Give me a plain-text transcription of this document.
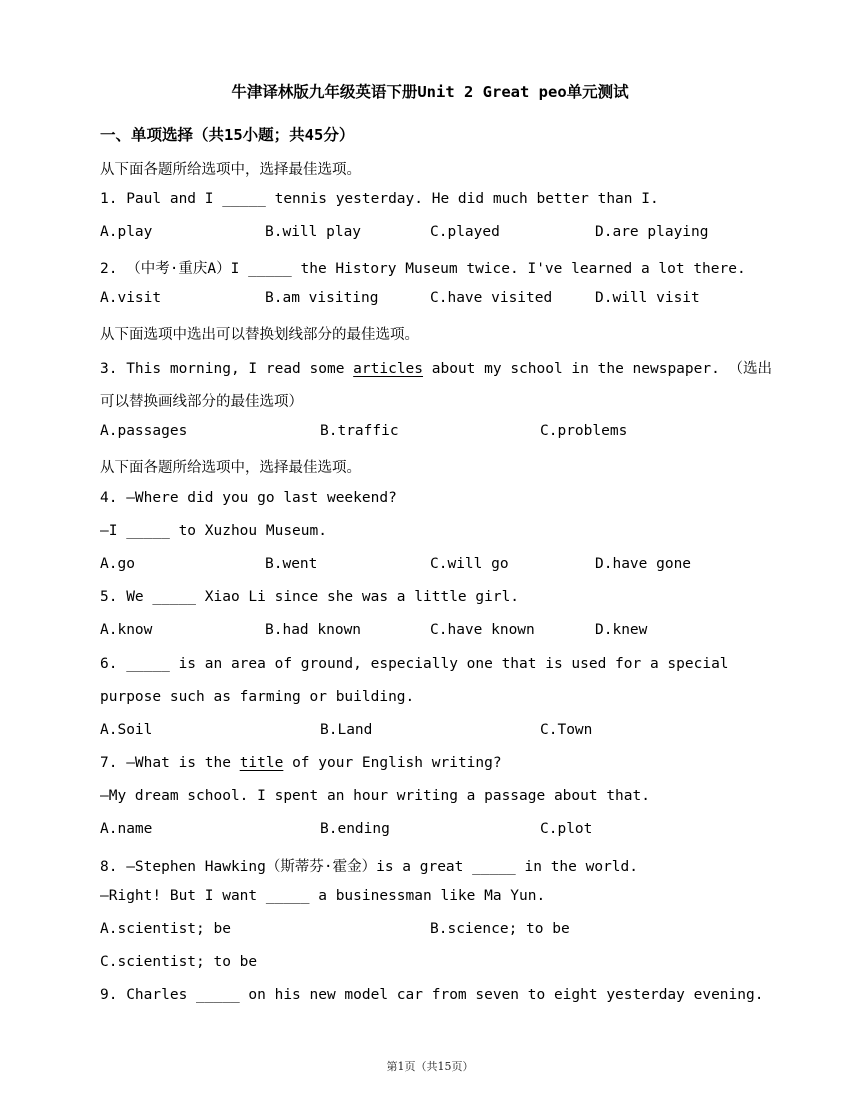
牛津译林版九年级英语下册Unit 2 Great peo单元测试
一、单项选择（共15小题；共45分）
从下面各题所给选项中，选择最佳选项。
1. Paul and I _____ tennis yesterday. He did much better than I.
A.play	B.will play	C.played	D.are playing
2. （中考·重庆A）I _____ the History Museum twice. I've learned a lot there.
A.visit	B.am visiting	C.have visited	D.will visit
从下面选项中选出可以替换划线部分的最佳选项。
3. This morning, I read some articles about my school in the newspaper. （选出
可以替换画线部分的最佳选项）
A.passages	B.traffic	C.problems
从下面各题所给选项中，选择最佳选项。
4. —Where did you go last weekend?
—I _____ to Xuzhou Museum.
A.go	B.went	C.will go	D.have gone
5. We _____ Xiao Li since she was a little girl.
A.know	B.had known	C.have known	D.knew
6. _____ is an area of ground, especially one that is used for a special
purpose such as farming or building.
A.Soil	B.Land	C.Town
7. —What is the title of your English writing?
—My dream school. I spent an hour writing a passage about that.
A.name	B.ending	C.plot
8. —Stephen Hawking（斯蒂芬·霍金）is a great _____ in the world.
—Right! But I want _____ a businessman like Ma Yun.
A.scientist; be	B.science; to be
C.scientist; to be
9. Charles _____ on his new model car from seven to eight yesterday evening.
第1页（共15页）
